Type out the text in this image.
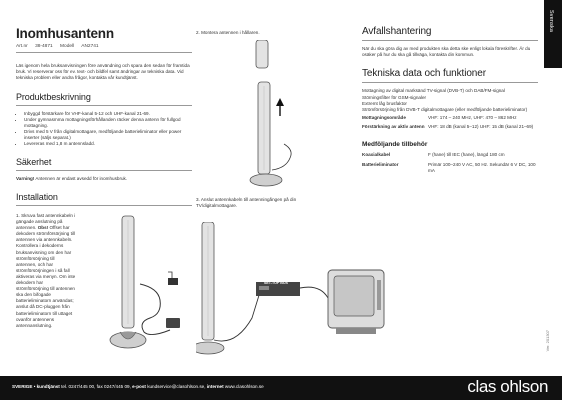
Inomhusantenn
Art.nr 38-4871 Modell AN2741

Läs igenom hela bruksanvisningen före användning och spara den sedan för framtida bruk. Vi reserverar oss för ev. text- och bildfel samt ändringar av tekniska data. Vid tekniska problem eller andra frågor, kontakta vår kundtjänst.

Produktbeskrivning
• Inbyggd förstärkare för VHF-kanal 5-12 och UHF-kanal 21-69.
• Under gymnasmma mottagningsförhållanden räcker denna antenn för fullgod mottagning.
• Drivs med 5 V från digitalmottagare, medföljande batterieliminator eller power inserter (säljs separat.)
• Levereras med 1,8 m antennsladd.
Säkerhet

Varning! Antennen är endast avsedd för inomhusbruk.

Installation
1. Skruva fast antennkabeln i gängade anslutning på antennen. Obs! Offset har dekodern strömförsörjning till antennen via antennkabeln. Kontrollera i dekoderns bruksanvisning om den har strömförsörjning till antennen, och har strömförsörjningen i så fall aktiveras via menyn. Om inte dekodern har strömförsörjning till antennen ska den bifogade batterieliminatorn användas; anslut då DC-pluggen från batterieliminatorn till uttaget ovanför antennens antennanslutning.
2. Montera antennen i hållaren.
3. Anslut antennkabeln till antenningången på din TV/digitalmottagare.
SET-TOP BOX
Avfallshantering

När du ska göra dig av med produkten ska detta ske enligt lokala föreskrifter. Är du osäker på hur du ska gå tillväga, kontakta din kommun.

Tekniska data och funktioner
Mottagning av digital marksänd TV-signal (DVB-T) och DAB/FM-signal
Störningsfilter för GSM-signaler
Extremt låg brusfaktor
Strömförsörjning från DVB-T digitalmottagare (eller medföljande batterieliminator)
Mottagningsområde	VHF: 174 – 240 MHz, UHF: 470 – 862 MHz
Förstärkning av aktiv antenn VHF: 18 dB (kanal 5–12) UHF: 15 dB (kanal 21–69)
Medföljande tillbehör
Koaxialkabel	F (hane) till IEC (hane), längd 180 cm
Batterieliminator	Primär 100–240 V AC, 50 Hz. Sekundär 6 V DC, 100 mA
Svenska
Ver. 201307
SVERIGE • kundtjänst tel. 0247/445 00, fax 0247/445 09, e-post kundservice@clasohlson.se, internet www.clasohlson.se	clas ohlson
